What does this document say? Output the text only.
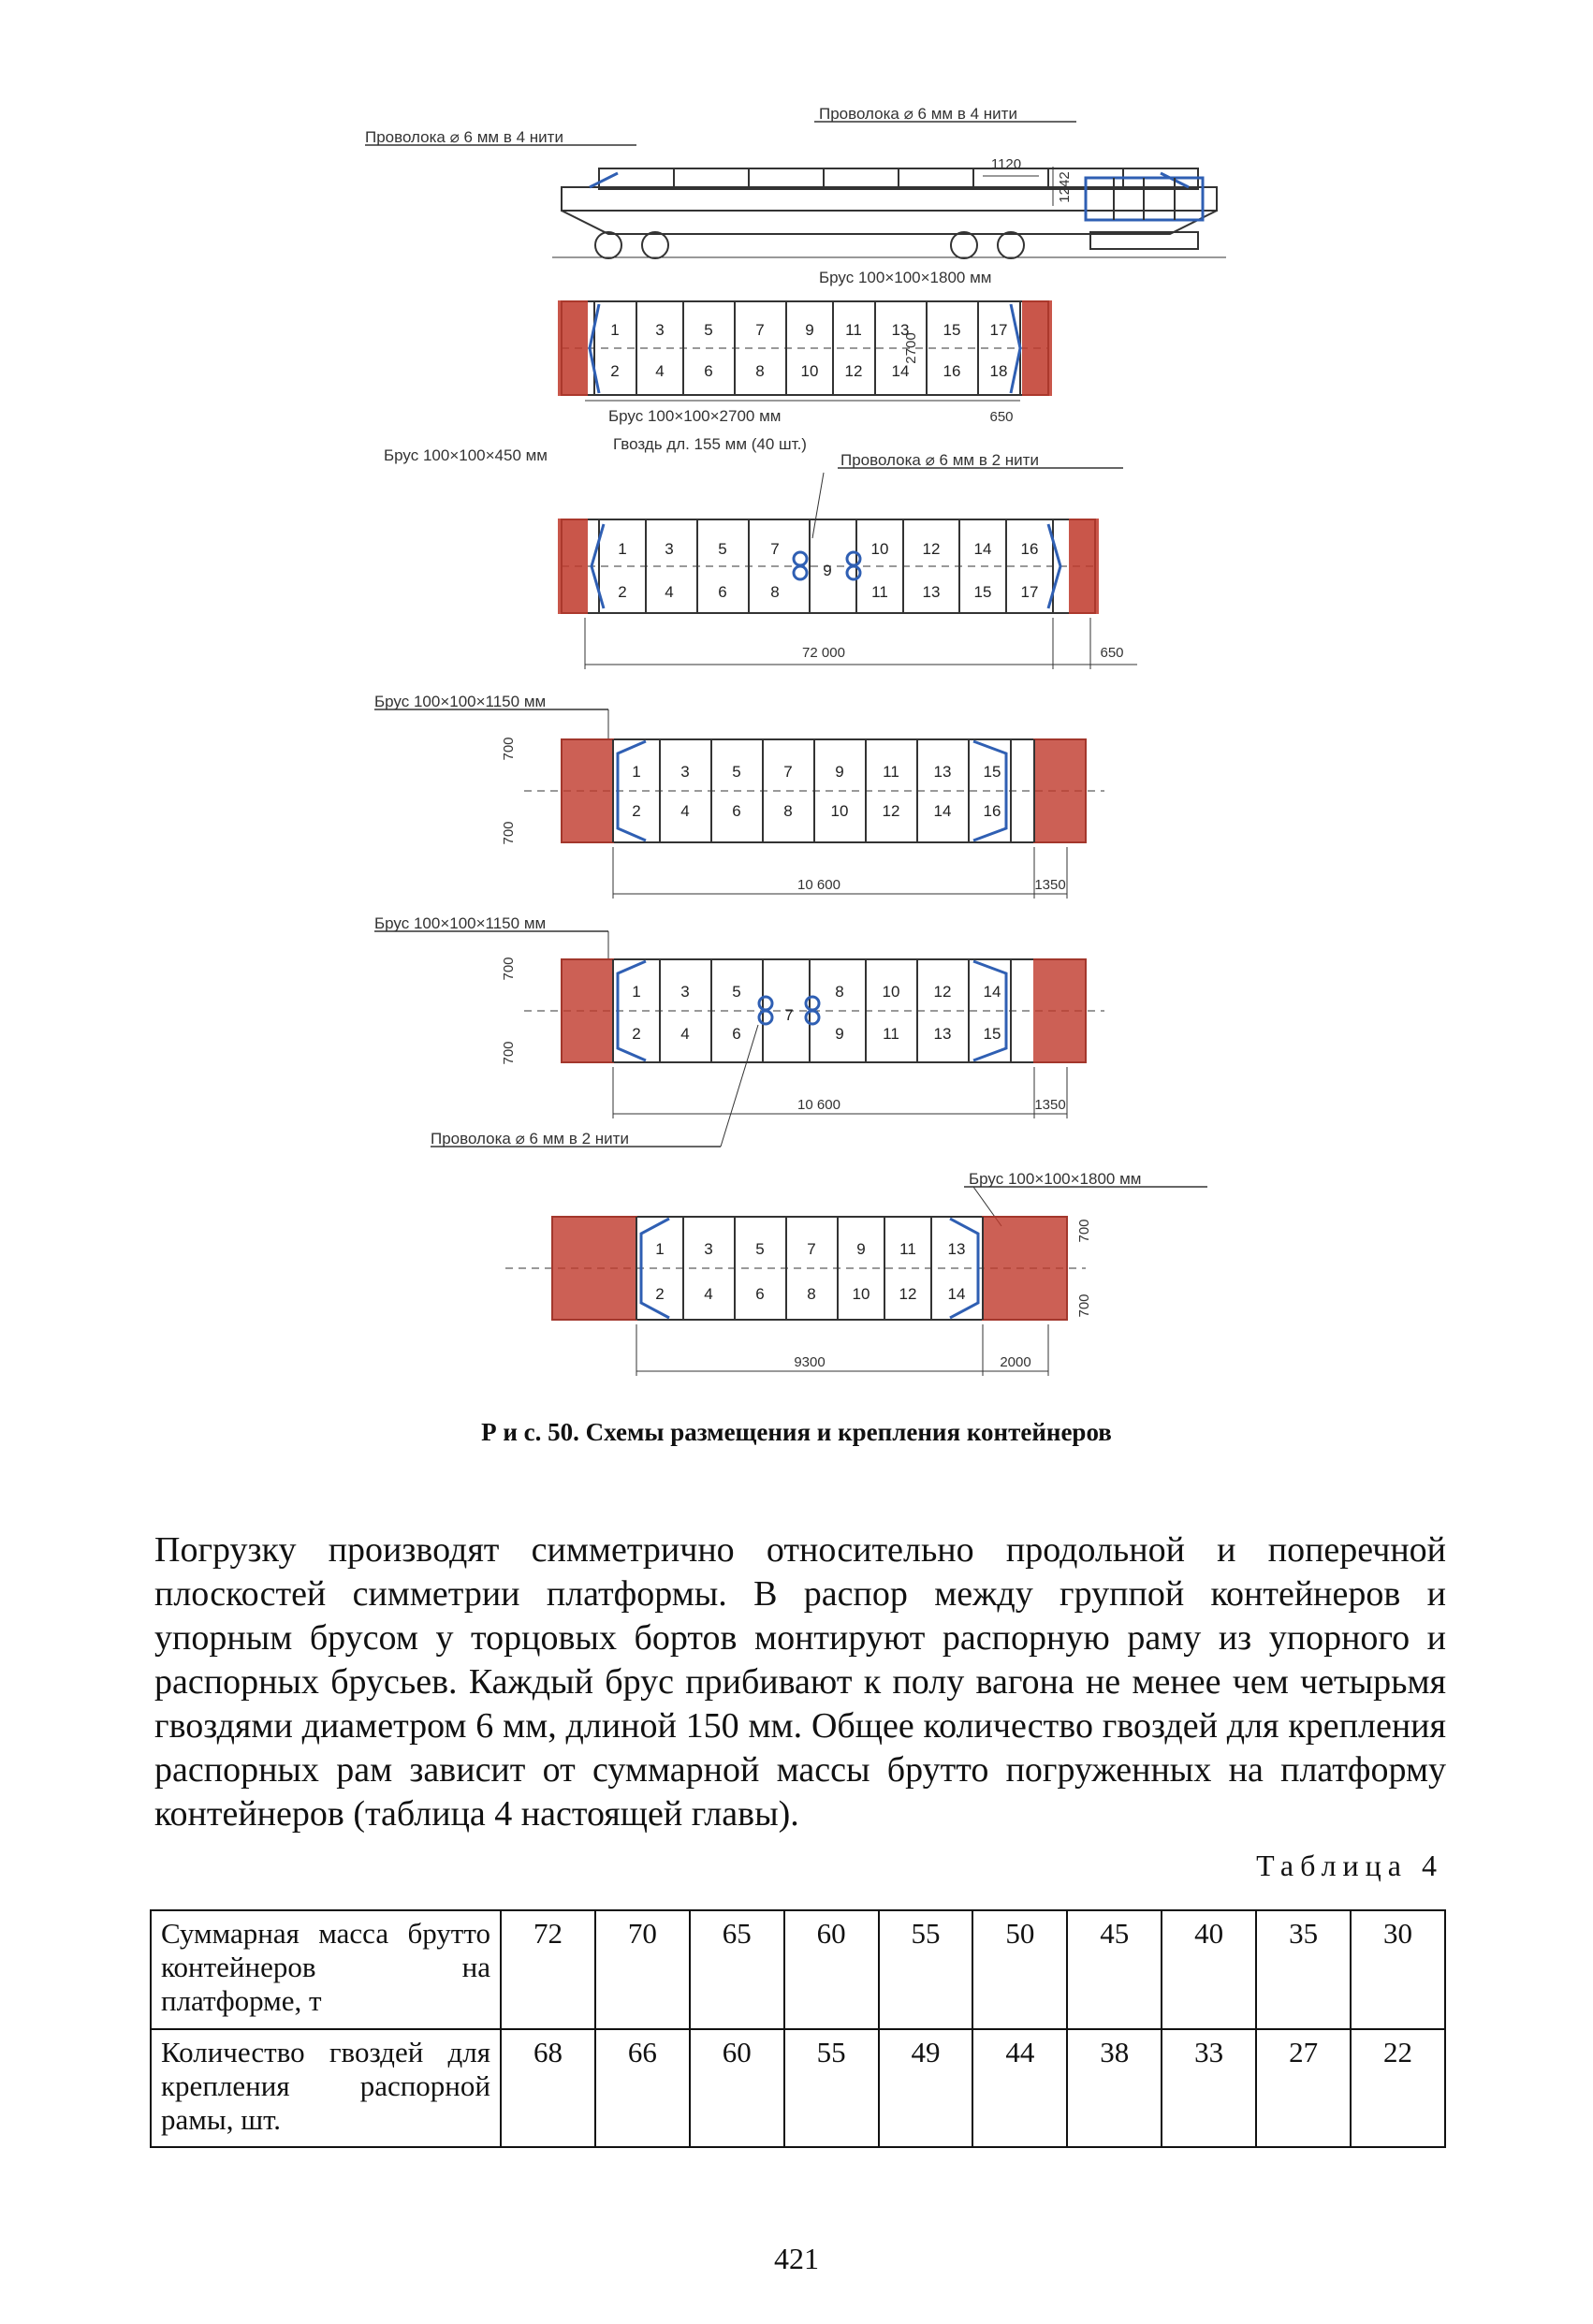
Проволока ⌀ 6 мм в 4 нити
Проволока ⌀ 6 мм в 4 нити
1120
1242
Брус 100×100×1800 мм
1 3	5	7	9 11 13 15 17
2 4	6	8 10 12 14 16 18
2700
Брус 100×100×2700 мм	650
Брус 100×100×450 мм
Гвоздь дл. 155 мм (40 шт.)
Проволока ⌀ 6 мм в 2 нити
1 3	5	7	10 12 14 16
2 4	6	8	11 13 15 17
9
72 000	650
Брус 100×100×1150 мм
700
700
1	3	5	7	9 11 13 15
2	4	6	8 10 12 14 16
10 600	1350
Брус 100×100×1150 мм
700
700
1	3	5	8 10 12 14
2	4	6	9 11 13 15
7
10 600	1350
Проволока ⌀ 6 мм в 2 нити
Брус 100×100×1800 мм
700
700
1	3	5	7	9 11 13
2	4	6	8 10 12 14
9300	2000
Р и с. 50. Схемы размещения и крепления контейнеров

Погрузку производят симметрично относительно продольной и поперечной плоскостей симметрии платформы. В распор между группой контейнеров и упорным брусом у торцовых бортов монтируют распорную раму из упорного и распорных брусьев. Каждый брус прибивают к полу вагона не менее чем четырьмя гвоздями диаметром 6 мм, длиной 150 мм. Общее количество гвоздей для крепления распорных рам зависит от суммарной массы брутто погруженных на платформу контейнеров (таблица 4 настоящей главы).

Таблица 4
Суммарная масса брутто контейнеров на платформе, т	72	70	65	60	55	50	45	40	35	30
Количество гвоздей для крепления распорной рамы, шт.	68	66	60	55	49	44	38	33	27	22
421
